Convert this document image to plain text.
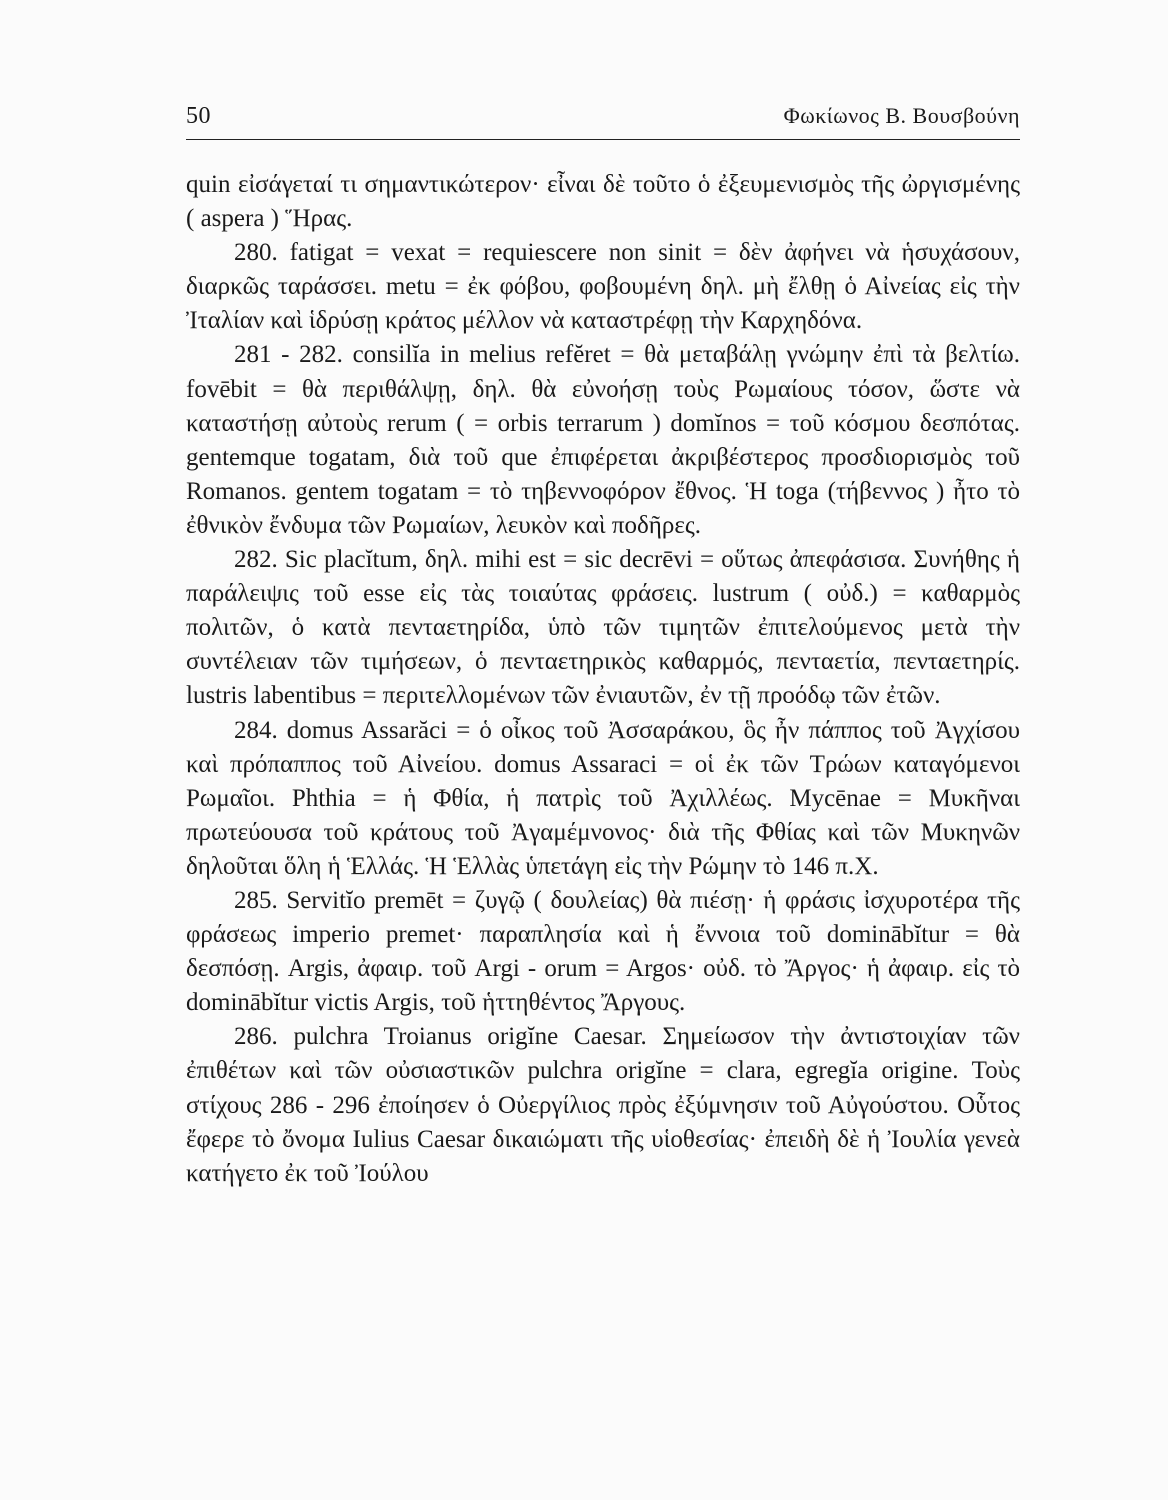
50	Φωκίωνος Β. Βουσβούνη

quin εἰσάγεταί τι σημαντικώτερον· εἶναι δὲ τοῦτο ὁ ἐξευμενισμὸς τῆς ὠργισμένης ( aspera ) Ἥρας.

280. fatigat = vexat = requiescere non sinit = δὲν ἀφήνει νὰ ἡσυχάσουν, διαρκῶς ταράσσει. metu = ἐκ φόβου, φοβουμένη δηλ. μὴ ἔλθῃ ὁ Αἰνείας εἰς τὴν Ἰταλίαν καὶ ἱδρύσῃ κράτος μέλλον νὰ καταστρέφῃ τὴν Καρχηδόνα.

281 - 282. consilĭa in melius refĕret = θὰ μεταβάλῃ γνώμην ἐπὶ τὰ βελτίω. fovēbit = θὰ περιθάλψῃ, δηλ. θὰ εὐνοήσῃ τοὺς Ρωμαίους τόσον, ὥστε νὰ καταστήσῃ αὐτοὺς rerum ( = orbis terrarum ) domĭnos = τοῦ κόσμου δεσπότας. gentemque togatam, διὰ τοῦ que ἐπιφέρεται ἀκριβέστερος προσδιορισμὸς τοῦ Romanos. gentem togatam = τὸ τηβεννοφόρον ἔθνος. Ἡ toga (τήβεννος ) ἦτο τὸ ἐθνικὸν ἔνδυμα τῶν Ρωμαίων, λευκὸν καὶ ποδῆρες.

282. Sic placĭtum, δηλ. mihi est = sic decrēvi = οὕτως ἀπεφάσισα. Συνήθης ἡ παράλειψις τοῦ esse εἰς τὰς τοιαύτας φράσεις. lustrum ( οὐδ.) = καθαρμὸς πολιτῶν, ὁ κατὰ πενταετηρίδα, ὑπὸ τῶν τιμητῶν ἐπιτελούμενος μετὰ τὴν συντέλειαν τῶν τιμήσεων, ὁ πενταετηρικὸς καθαρμός, πενταετία, πενταετηρίς. lustris labentibus = περιτελλομένων τῶν ἐνιαυτῶν, ἐν τῇ προόδῳ τῶν ἐτῶν.

284. domus Assarăci = ὁ οἶκος τοῦ Ἀσσαράκου, ὃς ἦν πάππος τοῦ Ἀγχίσου καὶ πρόπαππος τοῦ Αἰνείου. domus Assaraci = οἱ ἐκ τῶν Τρώων καταγόμενοι Ρωμαῖοι. Phthia = ἡ Φθία, ἡ πατρὶς τοῦ Ἀχιλλέως. Mycēnae = Μυκῆναι πρωτεύουσα τοῦ κράτους τοῦ Ἀγαμέμνονος· διὰ τῆς Φθίας καὶ τῶν Μυκηνῶν δηλοῦται ὅλη ἡ Ἑλλάς. Ἡ Ἑλλὰς ὑπετάγη εἰς τὴν Ρώμην τὸ 146 π.Χ.

285. Servitĭo premēt = ζυγῷ ( δουλείας) θὰ πιέσῃ· ἡ φράσις ἰσχυροτέρα τῆς φράσεως imperio premet· παραπλησία καὶ ἡ ἔννοια τοῦ dominābĭtur = θὰ δεσπόσῃ. Argis, ἀφαιρ. τοῦ Argi - orum = Argos· οὐδ. τὸ Ἄργος· ἡ ἀφαιρ. εἰς τὸ dominābĭtur victis Argis, τοῦ ἡττηθέντος Ἄργους.

286. pulchra Troianus origĭne Caesar. Σημείωσον τὴν ἀντιστοιχίαν τῶν ἐπιθέτων καὶ τῶν οὐσιαστικῶν pulchra origĭne = clara, egregĭa origine. Τοὺς στίχους 286 - 296 ἐποίησεν ὁ Οὐεργίλιος πρὸς ἐξύμνησιν τοῦ Αὐγούστου. Οὗτος ἔφερε τὸ ὄνομα Iulius Caesar δικαιώματι τῆς υἱοθεσίας· ἐπειδὴ δὲ ἡ Ἰουλία γενεὰ κατήγετο ἐκ τοῦ Ἰούλου
